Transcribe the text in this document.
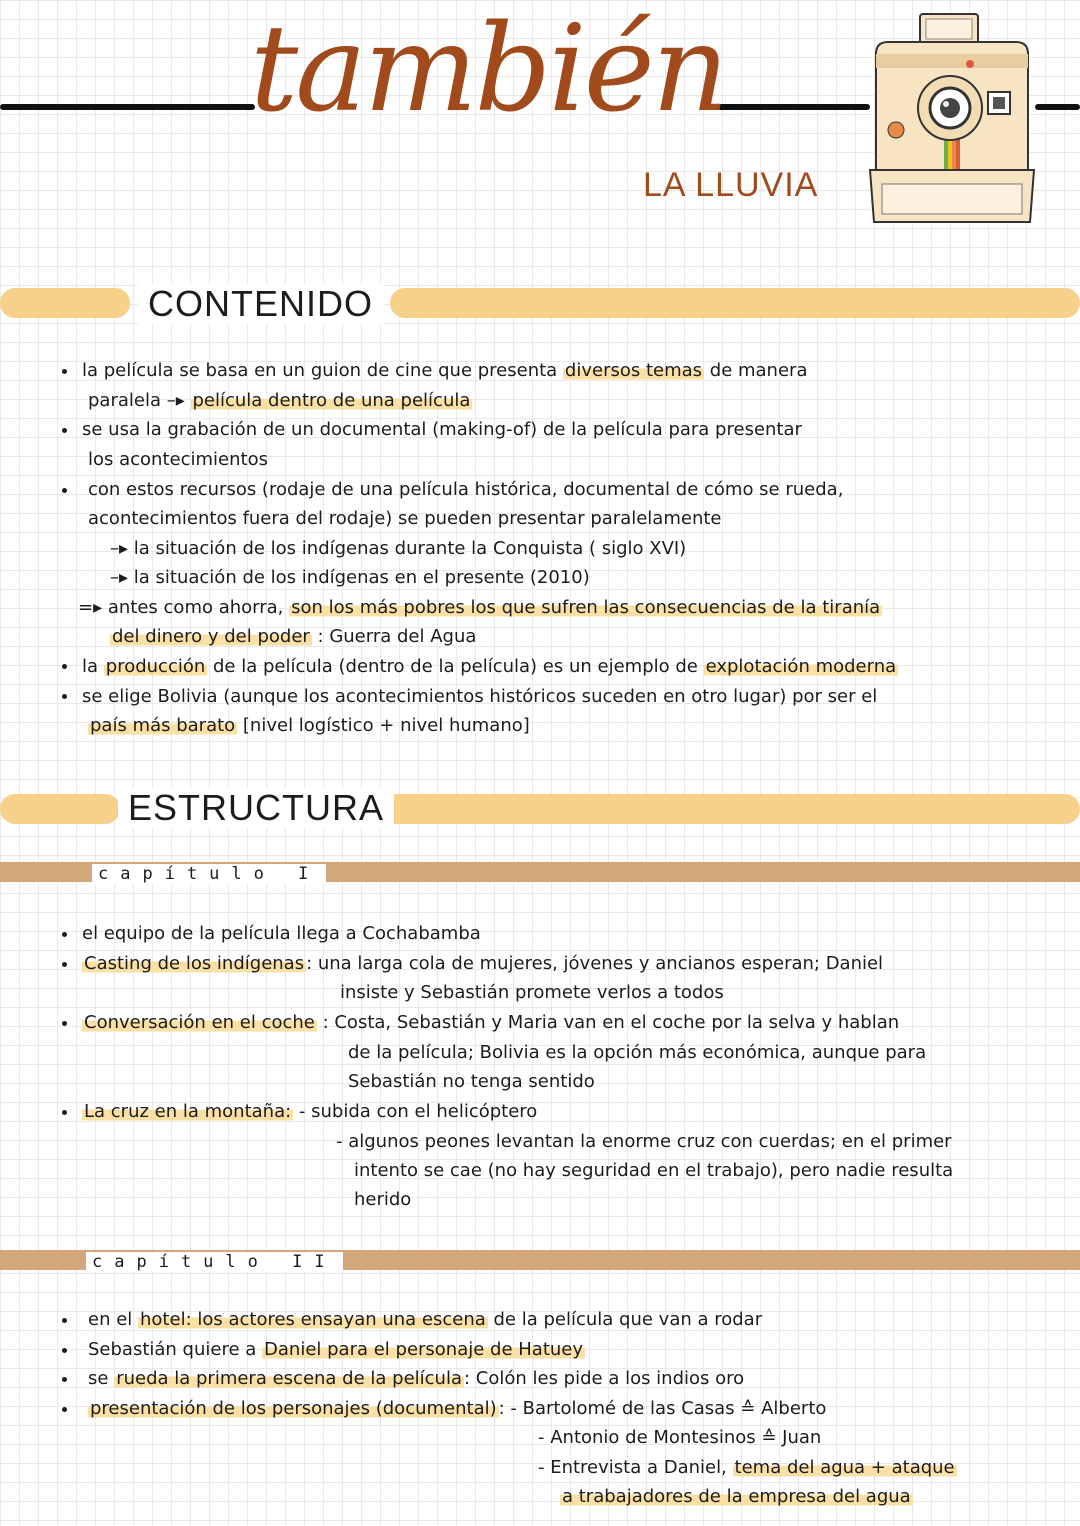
también
LA LLUVIA
CONTENIDO
la película se basa en un guion de cine que presenta diversos temas de manera
paralela –▸ película dentro de una película
se usa la grabación de un documental (making-of) de la película para presentar
los acontecimientos
con estos recursos (rodaje de una película histórica, documental de cómo se rueda,
acontecimientos fuera del rodaje) se pueden presentar paralelamente
–▸ la situación de los indígenas durante la Conquista ( siglo XVI)
–▸ la situación de los indígenas en el presente (2010)
=▸ antes como ahorra, son los más pobres los que sufren las consecuencias de la tiranía
del dinero y del poder : Guerra del Agua
la producción de la película (dentro de la película) es un ejemplo de explotación moderna
se elige Bolivia (aunque los acontecimientos históricos suceden en otro lugar) por ser el
país más barato [nivel logístico + nivel humano]
ESTRUCTURA
capítulo I
el equipo de la película llega a Cochabamba
Casting de los indígenas : una larga cola de mujeres, jóvenes y ancianos esperan; Daniel
insiste y Sebastián promete verlos a todos
Conversación en el coche : Costa, Sebastián y Maria van en el coche por la selva y hablan
de la película; Bolivia es la opción más económica, aunque para
Sebastián no tenga sentido
La cruz en la montaña: - subida con el helicóptero
- algunos peones levantan la enorme cruz con cuerdas; en el primer
intento se cae (no hay seguridad en el trabajo), pero nadie resulta
herido
capítulo II
en el hotel: los actores ensayan una escena de la película que van a rodar
Sebastián quiere a Daniel para el personaje de Hatuey
se rueda la primera escena de la película : Colón les pide a los indios oro
presentación de los personajes (documental) : - Bartolomé de las Casas ≙ Alberto
- Antonio de Montesinos ≙ Juan
- Entrevista a Daniel, tema del agua + ataque
a trabajadores de la empresa del agua
